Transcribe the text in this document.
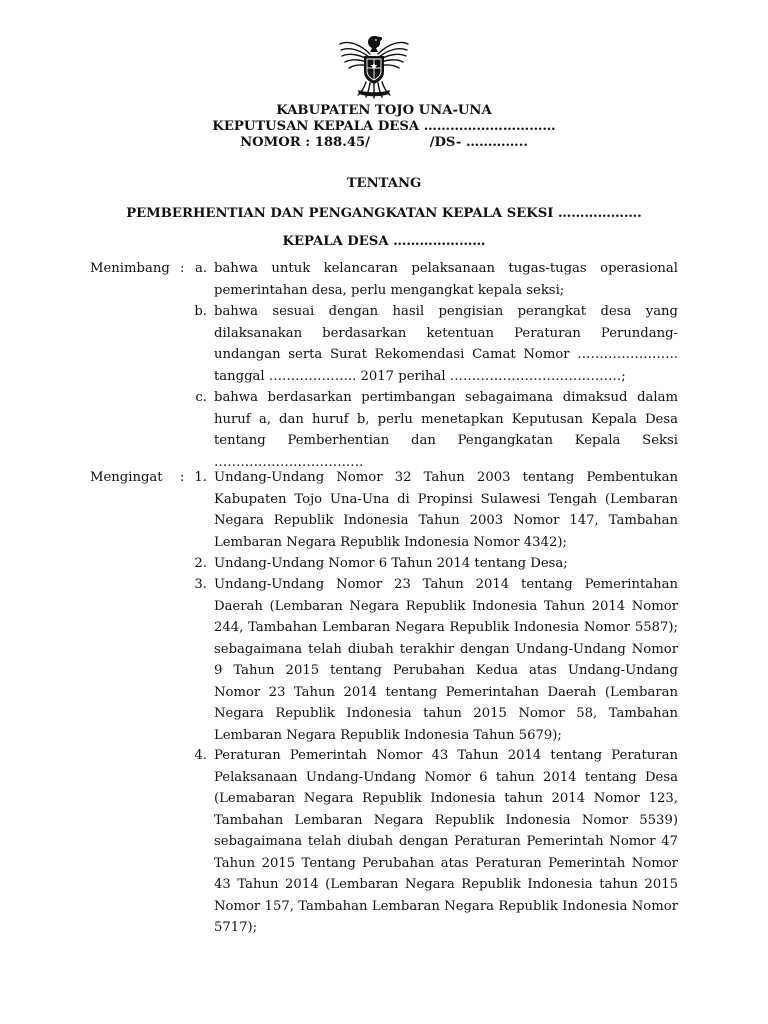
KABUPATEN TOJO UNA-UNA
KEPUTUSAN KEPALA DESA …………………………
NOMOR : 188.45/             /DS- …………..
TENTANG
PEMBERHENTIAN DAN PENGANGKATAN KEPALA SEKSI ……………….
KEPALA DESA …………………
Menimbang : a. bahwa untuk kelancaran pelaksanaan tugas-tugas operasional pemerintahan desa, perlu mengangkat kepala seksi;
b. bahwa sesuai dengan hasil pengisian perangkat desa yang dilaksanakan berdasarkan ketentuan Peraturan Perundang-undangan serta Surat Rekomendasi Camat Nomor ………………….. tanggal ……………….. 2017 perihal …………………………………;
c. bahwa berdasarkan pertimbangan sebagaimana dimaksud dalam huruf a, dan huruf b, perlu menetapkan Keputusan Kepala Desa tentang Pemberhentian dan Pengangkatan Kepala Seksi …………………………….
Mengingat : 1. Undang-Undang Nomor 32 Tahun 2003 tentang Pembentukan Kabupaten Tojo Una-Una di Propinsi Sulawesi Tengah (Lembaran Negara Republik Indonesia Tahun 2003 Nomor 147, Tambahan Lembaran Negara Republik Indonesia Nomor 4342);
2. Undang-Undang Nomor 6 Tahun 2014 tentang Desa;
3. Undang-Undang Nomor 23 Tahun 2014 tentang Pemerintahan Daerah (Lembaran Negara Republik Indonesia Tahun 2014 Nomor 244, Tambahan Lembaran Negara Republik Indonesia Nomor 5587); sebagaimana telah diubah terakhir dengan Undang-Undang Nomor 9 Tahun 2015 tentang Perubahan Kedua atas Undang-Undang Nomor 23 Tahun 2014 tentang Pemerintahan Daerah (Lembaran Negara Republik Indonesia tahun 2015 Nomor 58, Tambahan Lembaran Negara Republik Indonesia Tahun 5679);
4. Peraturan Pemerintah Nomor 43 Tahun 2014 tentang Peraturan Pelaksanaan Undang-Undang Nomor 6 tahun 2014 tentang Desa (Lemabaran Negara Republik Indonesia tahun 2014 Nomor 123, Tambahan Lembaran Negara Republik Indonesia Nomor 5539) sebagaimana telah diubah dengan Peraturan Pemerintah Nomor 47 Tahun 2015 Tentang Perubahan atas Peraturan Pemerintah Nomor 43 Tahun 2014 (Lembaran Negara Republik Indonesia tahun 2015 Nomor 157, Tambahan Lembaran Negara Republik Indonesia Nomor 5717);
